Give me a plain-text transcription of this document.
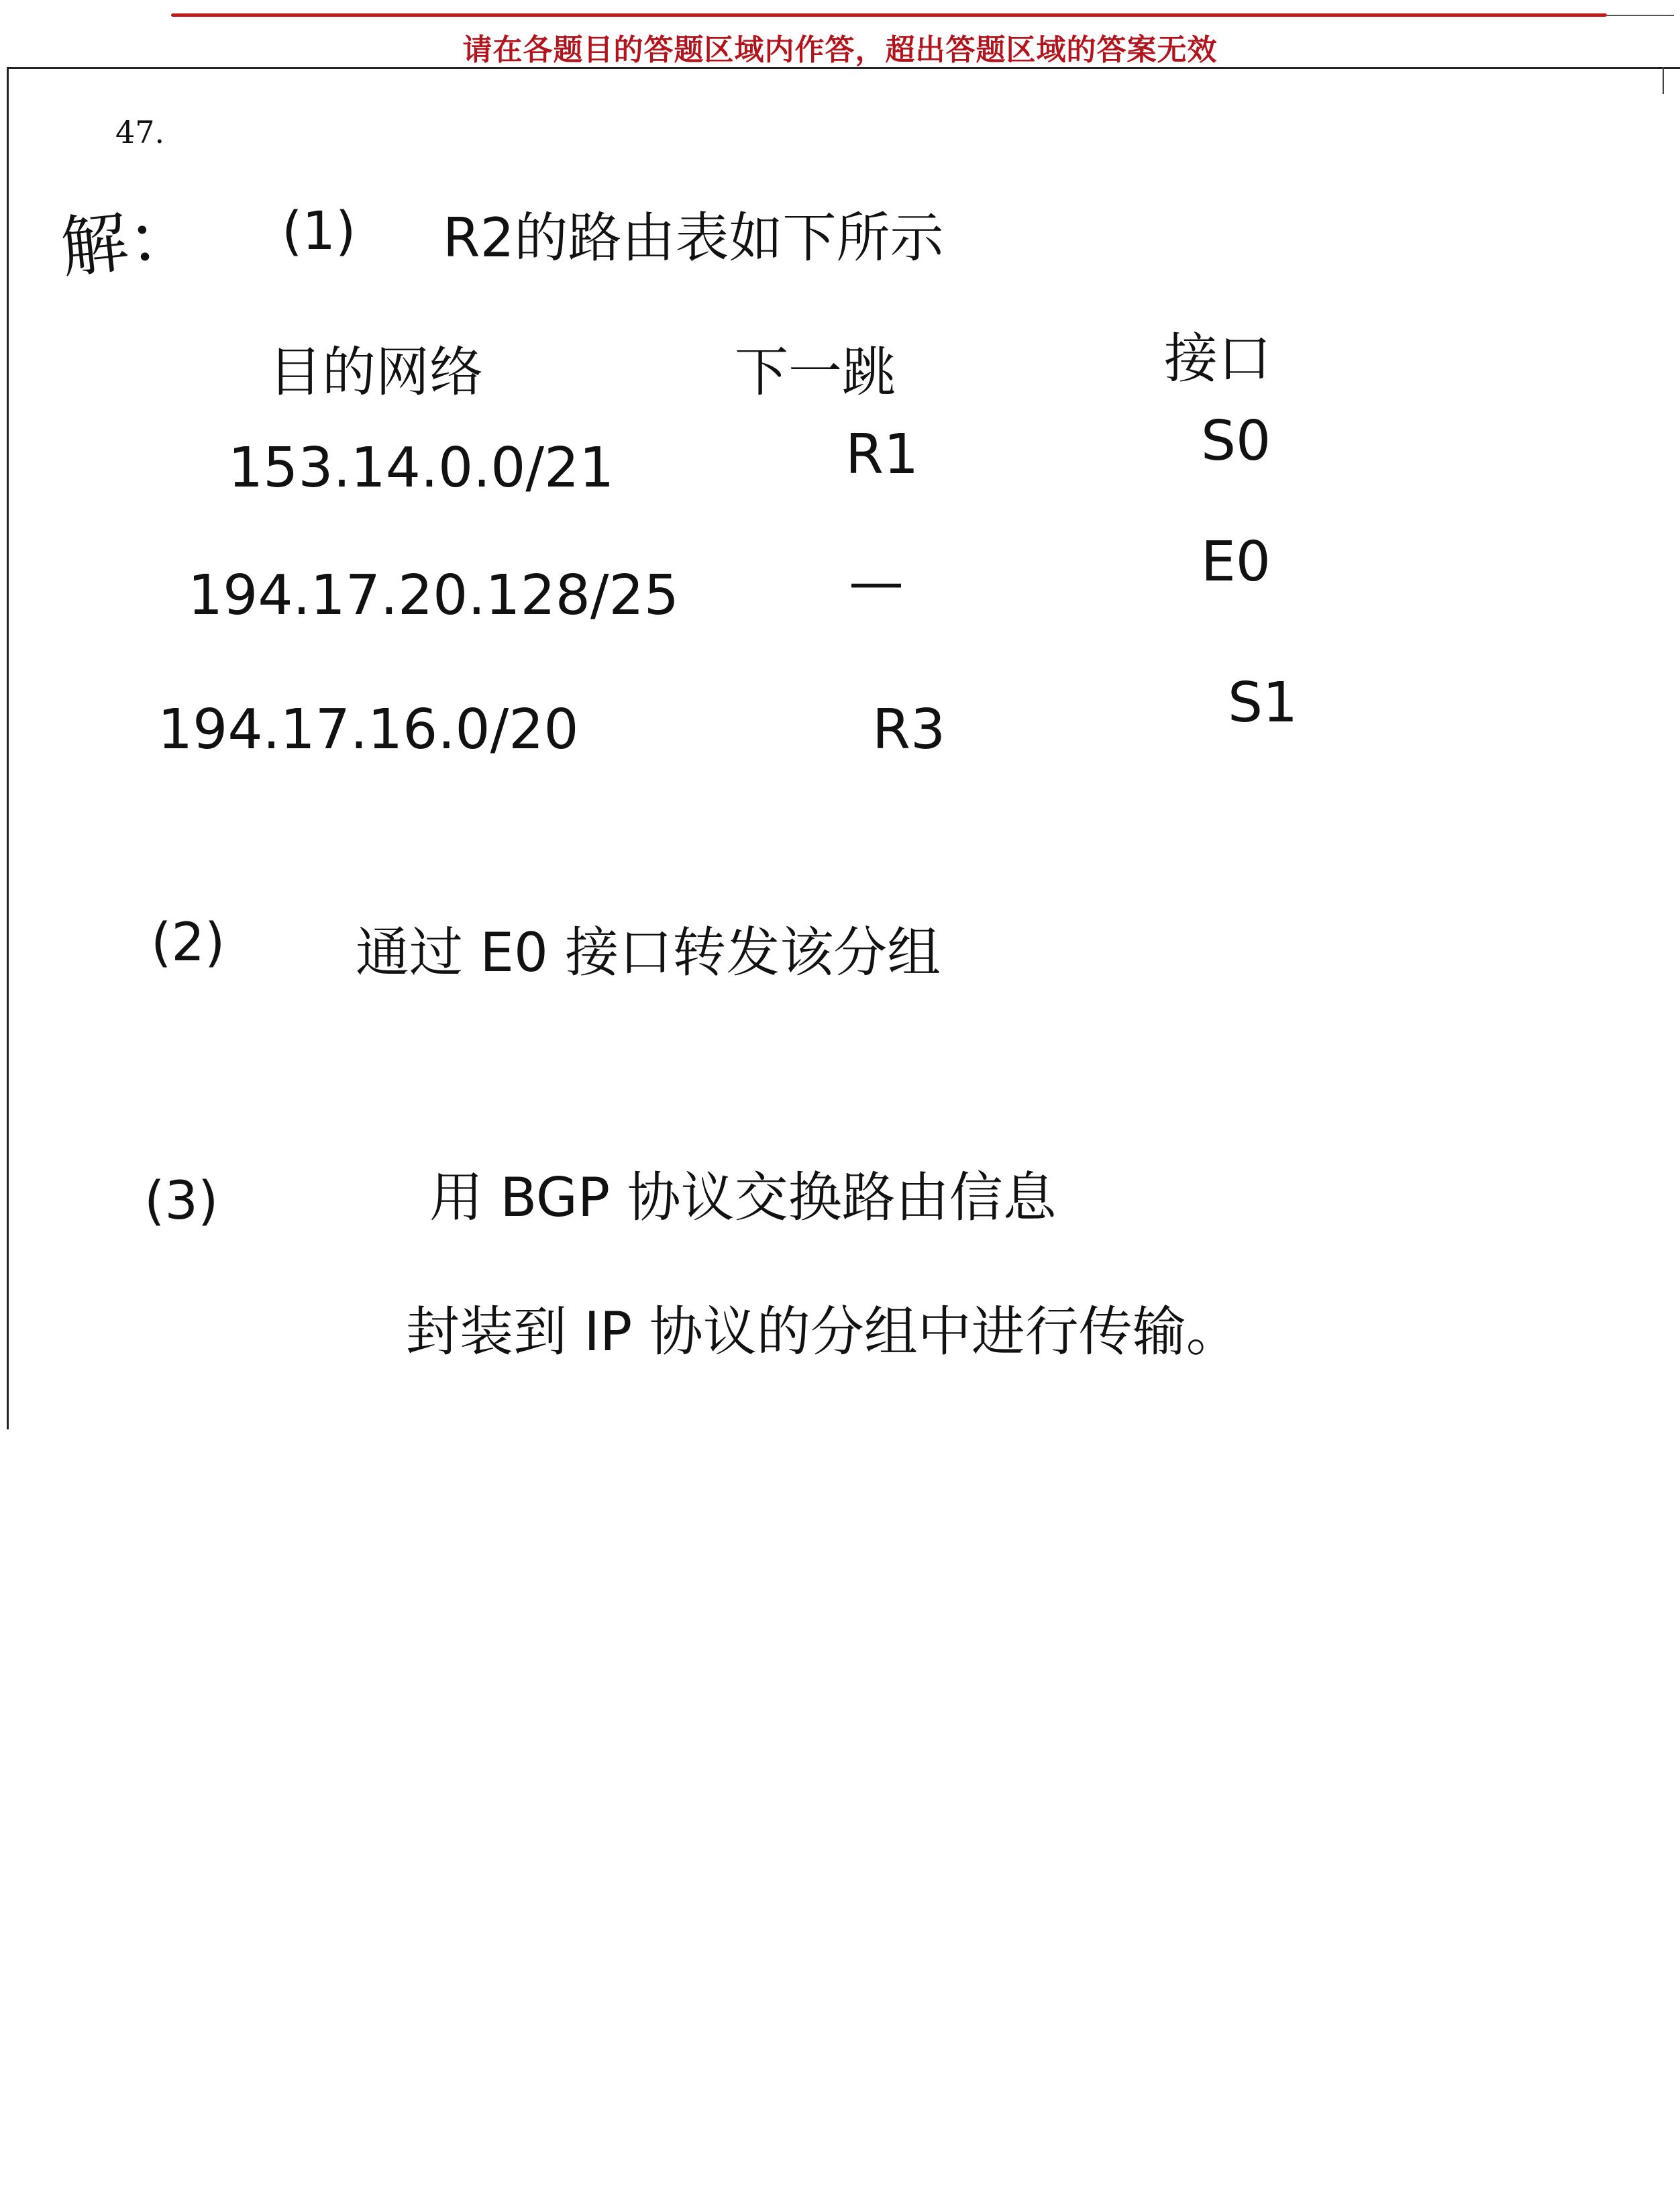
请在各题目的答题区域内作答，超出答题区域的答案无效
47.
解： (1) R2的路由表如下所示
目的网络	下一跳	接口
153.14.0.0/21	R1	S0
194.17.20.128/25	—	E0
194.17.16.0/20	R3	S1
(2) 通过 E0 接口转发该分组
(3)	用 BGP 协议交换路由信息
封装到 IP 协议的分组中进行传输。
